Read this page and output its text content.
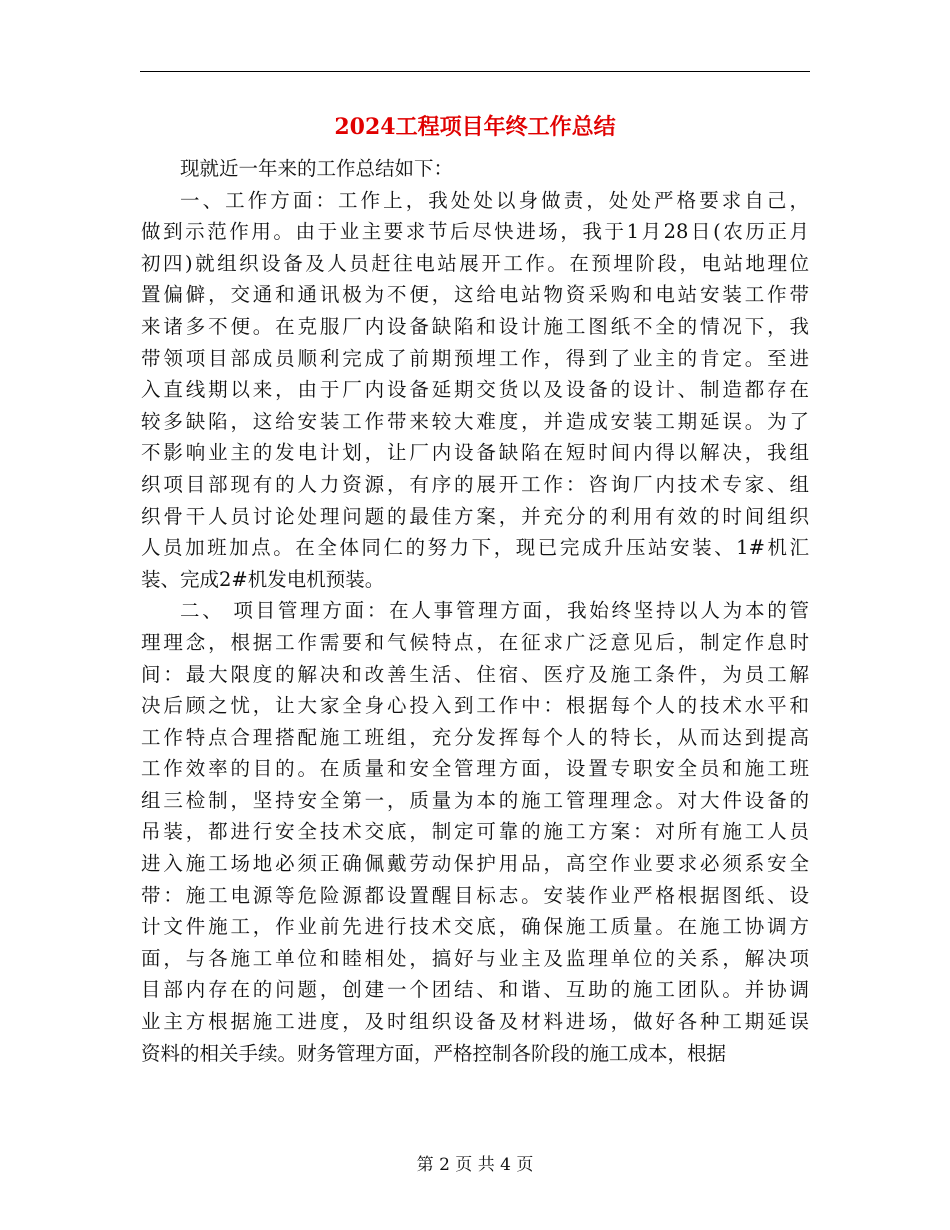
2024工程项目年终工作总结
现就近一年来的工作总结如下：
一、工作方面：工作上，我处处以身做责，处处严格要求自己，
做到示范作用。由于业主要求节后尽快进场，我于1月28日(农历正月
初四)就组织设备及人员赶往电站展开工作。在预埋阶段，电站地理位
置偏僻，交通和通讯极为不便，这给电站物资采购和电站安装工作带
来诸多不便。在克服厂内设备缺陷和设计施工图纸不全的情况下，我
带领项目部成员顺利完成了前期预埋工作，得到了业主的肯定。至进
入直线期以来，由于厂内设备延期交货以及设备的设计、制造都存在
较多缺陷，这给安装工作带来较大难度，并造成安装工期延误。为了
不影响业主的发电计划，让厂内设备缺陷在短时间内得以解决，我组
织项目部现有的人力资源，有序的展开工作：咨询厂内技术专家、组
织骨干人员讨论处理问题的最佳方案，并充分的利用有效的时间组织
人员加班加点。在全体同仁的努力下，现已完成升压站安装、1#机汇
装、完成2#机发电机预装。
二、 项目管理方面：在人事管理方面，我始终坚持以人为本的管
理理念，根据工作需要和气候特点，在征求广泛意见后，制定作息时
间：最大限度的解决和改善生活、住宿、医疗及施工条件，为员工解
决后顾之忧，让大家全身心投入到工作中：根据每个人的技术水平和
工作特点合理搭配施工班组，充分发挥每个人的特长，从而达到提高
工作效率的目的。在质量和安全管理方面，设置专职安全员和施工班
组三检制，坚持安全第一，质量为本的施工管理理念。对大件设备的
吊装，都进行安全技术交底，制定可靠的施工方案：对所有施工人员
进入施工场地必须正确佩戴劳动保护用品，高空作业要求必须系安全
带：施工电源等危险源都设置醒目标志。安装作业严格根据图纸、设
计文件施工，作业前先进行技术交底，确保施工质量。在施工协调方
面，与各施工单位和睦相处，搞好与业主及监理单位的关系，解决项
目部内存在的问题，创建一个团结、和谐、互助的施工团队。并协调
业主方根据施工进度，及时组织设备及材料进场，做好各种工期延误
资料的相关手续。财务管理方面，严格控制各阶段的施工成本，根据
第 2 页 共 4 页
